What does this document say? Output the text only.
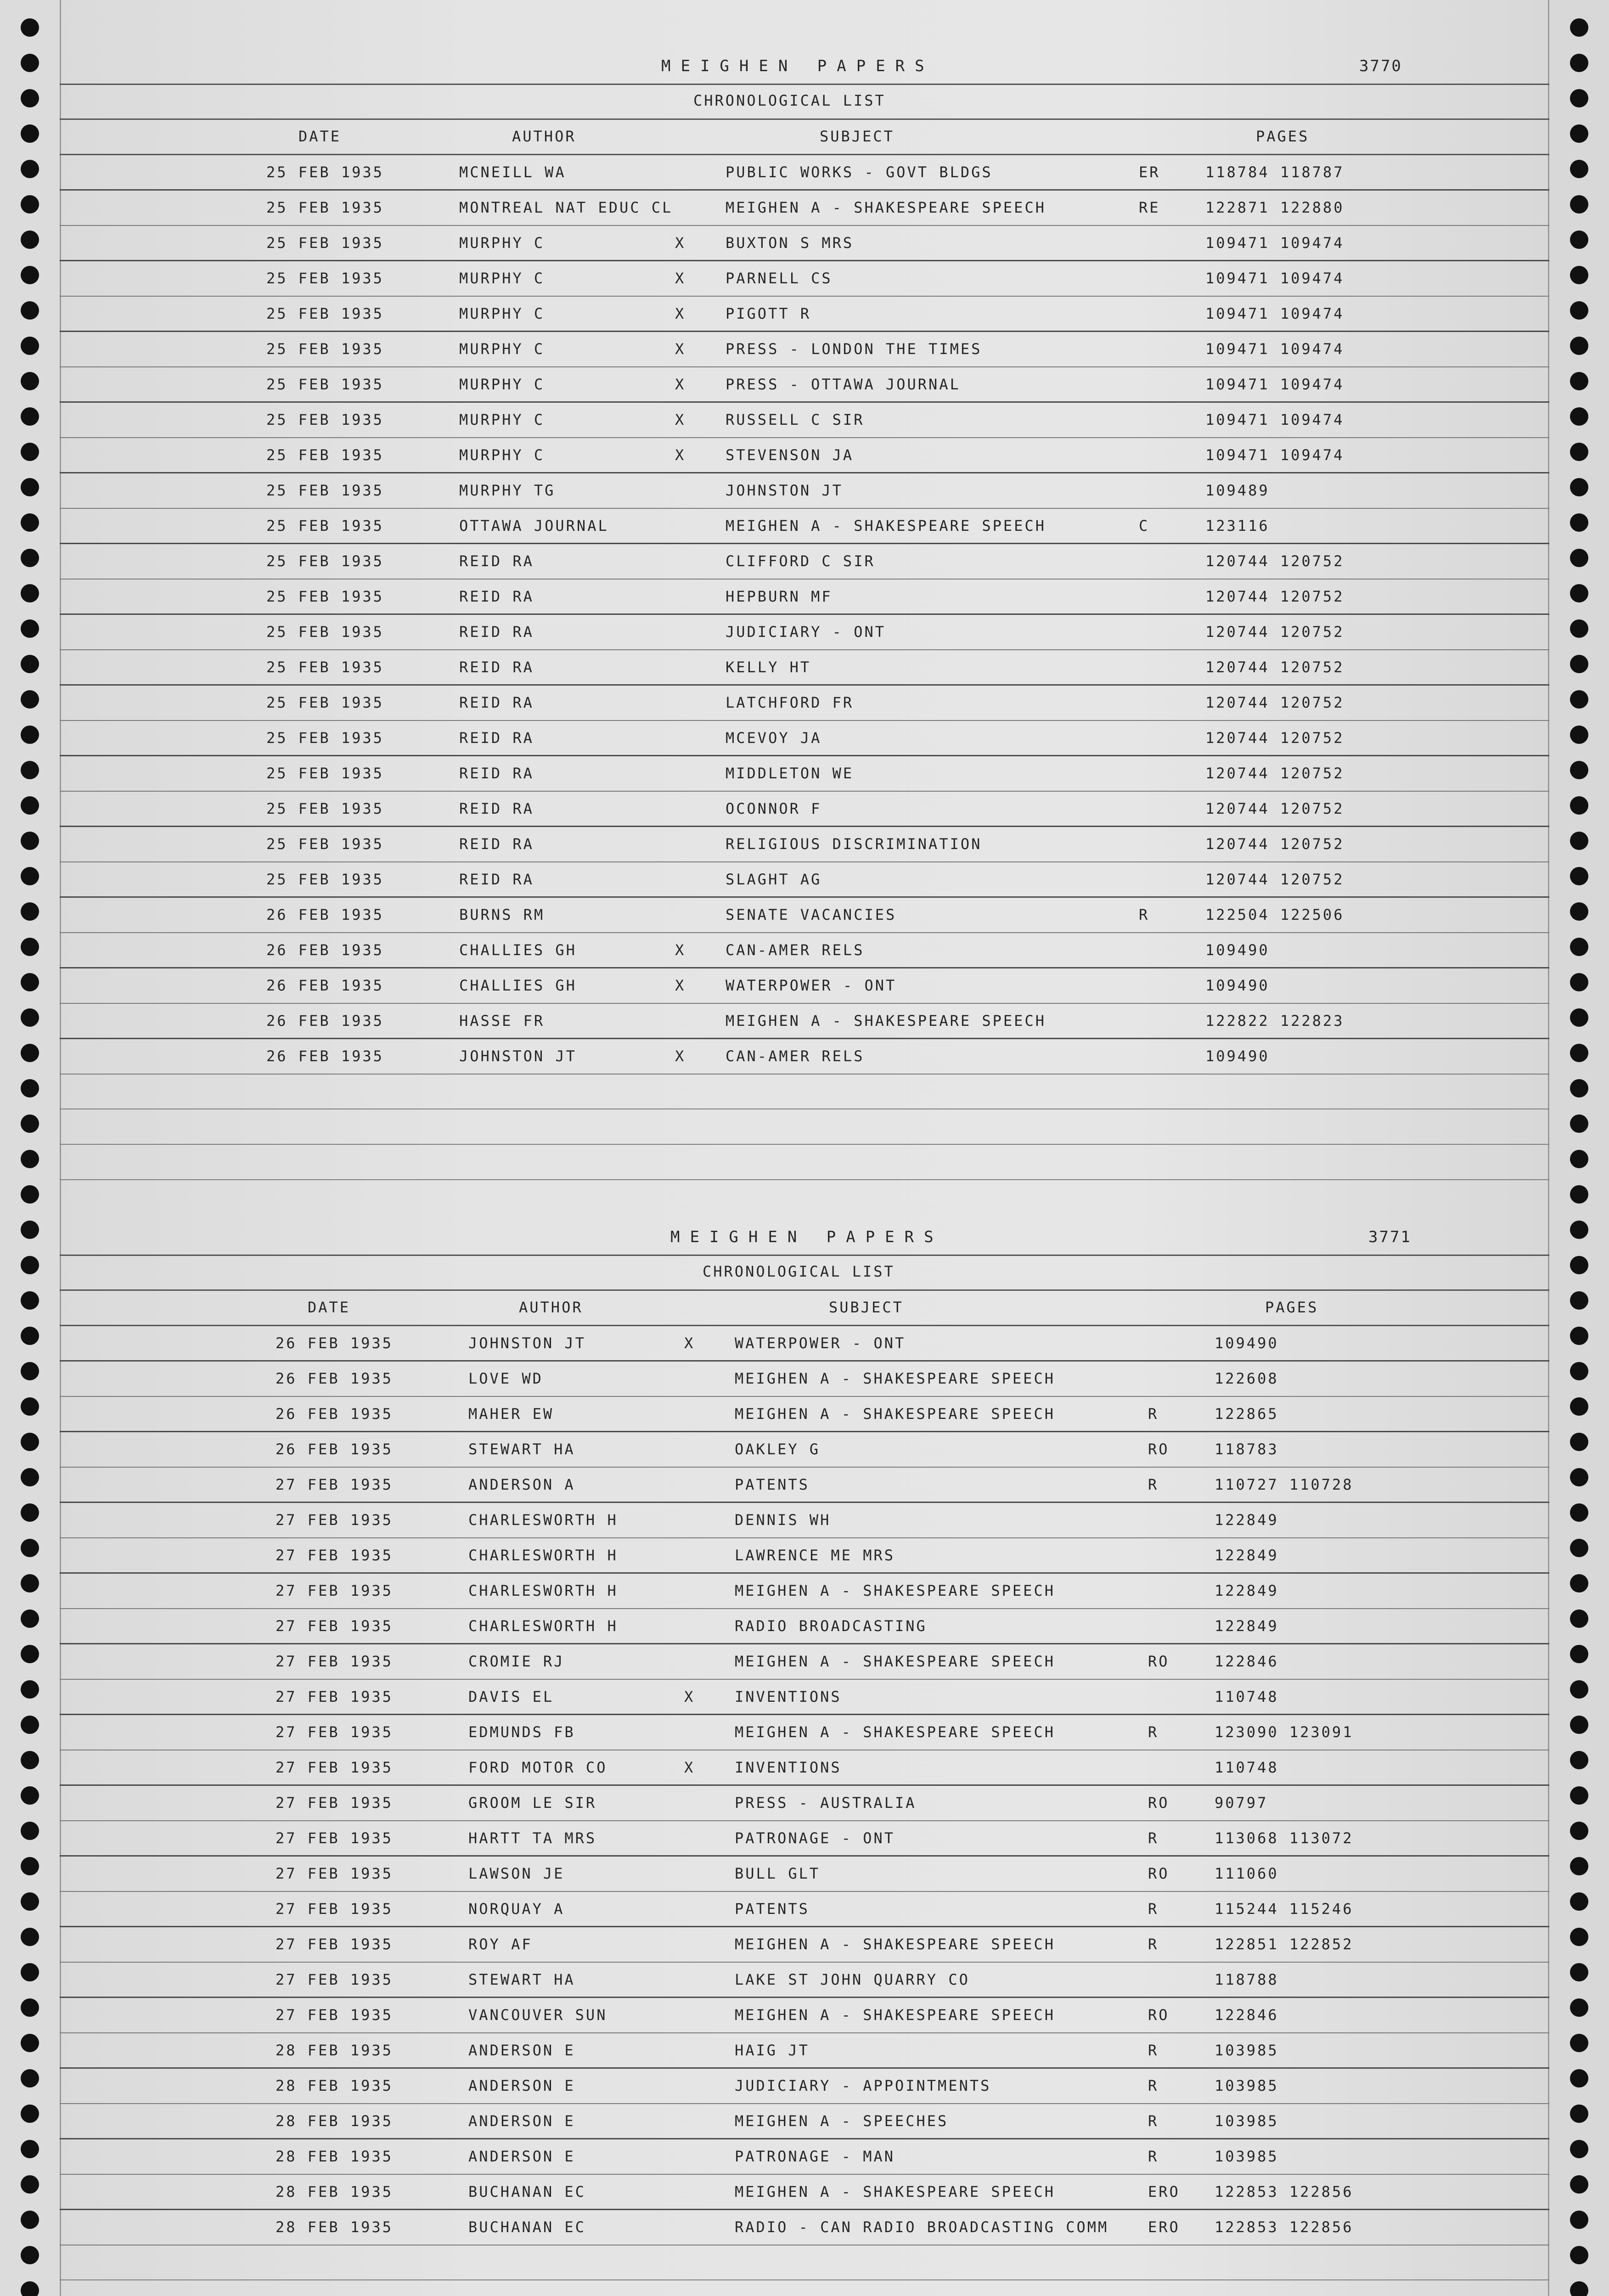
MEIGHEN PAPERS	3770
CHRONOLOGICAL LIST
DATE	AUTHOR	SUBJECT	PAGES
25 FEB 1935	MCNEILL WA	PUBLIC WORKS - GOVT BLDGS	ER	118784 118787
25 FEB 1935	MONTREAL NAT EDUC CL	MEIGHEN A - SHAKESPEARE SPEECH	RE	122871 122880
25 FEB 1935	MURPHY C	X	BUXTON S MRS	109471 109474
25 FEB 1935	MURPHY C	X	PARNELL CS	109471 109474
25 FEB 1935	MURPHY C	X	PIGOTT R	109471 109474
25 FEB 1935	MURPHY C	X	PRESS - LONDON THE TIMES	109471 109474
25 FEB 1935	MURPHY C	X	PRESS - OTTAWA JOURNAL	109471 109474
25 FEB 1935	MURPHY C	X	RUSSELL C SIR	109471 109474
25 FEB 1935	MURPHY C	X	STEVENSON JA	109471 109474
25 FEB 1935	MURPHY TG	JOHNSTON JT	109489
25 FEB 1935	OTTAWA JOURNAL	MEIGHEN A - SHAKESPEARE SPEECH	C	123116
25 FEB 1935	REID RA	CLIFFORD C SIR	120744 120752
25 FEB 1935	REID RA	HEPBURN MF	120744 120752
25 FEB 1935	REID RA	JUDICIARY - ONT	120744 120752
25 FEB 1935	REID RA	KELLY HT	120744 120752
25 FEB 1935	REID RA	LATCHFORD FR	120744 120752
25 FEB 1935	REID RA	MCEVOY JA	120744 120752
25 FEB 1935	REID RA	MIDDLETON WE	120744 120752
25 FEB 1935	REID RA	OCONNOR F	120744 120752
25 FEB 1935	REID RA	RELIGIOUS DISCRIMINATION	120744 120752
25 FEB 1935	REID RA	SLAGHT AG	120744 120752
26 FEB 1935	BURNS RM	SENATE VACANCIES	R	122504 122506
26 FEB 1935	CHALLIES GH	X	CAN-AMER RELS	109490
26 FEB 1935	CHALLIES GH	X	WATERPOWER - ONT	109490
26 FEB 1935	HASSE FR	MEIGHEN A - SHAKESPEARE SPEECH	122822 122823
26 FEB 1935	JOHNSTON JT	X	CAN-AMER RELS	109490
MEIGHEN PAPERS	3771
CHRONOLOGICAL LIST
DATE	AUTHOR	SUBJECT	PAGES
26 FEB 1935	JOHNSTON JT	X	WATERPOWER - ONT	109490
26 FEB 1935	LOVE WD	MEIGHEN A - SHAKESPEARE SPEECH	122608
26 FEB 1935	MAHER EW	MEIGHEN A - SHAKESPEARE SPEECH	R	122865
26 FEB 1935	STEWART HA	OAKLEY G	RO	118783
27 FEB 1935	ANDERSON A	PATENTS	R	110727 110728
27 FEB 1935	CHARLESWORTH H	DENNIS WH	122849
27 FEB 1935	CHARLESWORTH H	LAWRENCE ME MRS	122849
27 FEB 1935	CHARLESWORTH H	MEIGHEN A - SHAKESPEARE SPEECH	122849
27 FEB 1935	CHARLESWORTH H	RADIO BROADCASTING	122849
27 FEB 1935	CROMIE RJ	MEIGHEN A - SHAKESPEARE SPEECH	RO	122846
27 FEB 1935	DAVIS EL	X	INVENTIONS	110748
27 FEB 1935	EDMUNDS FB	MEIGHEN A - SHAKESPEARE SPEECH	R	123090 123091
27 FEB 1935	FORD MOTOR CO	X	INVENTIONS	110748
27 FEB 1935	GROOM LE SIR	PRESS - AUSTRALIA	RO	90797
27 FEB 1935	HARTT TA MRS	PATRONAGE - ONT	R	113068 113072
27 FEB 1935	LAWSON JE	BULL GLT	RO	111060
27 FEB 1935	NORQUAY A	PATENTS	R	115244 115246
27 FEB 1935	ROY AF	MEIGHEN A - SHAKESPEARE SPEECH	R	122851 122852
27 FEB 1935	STEWART HA	LAKE ST JOHN QUARRY CO	118788
27 FEB 1935	VANCOUVER SUN	MEIGHEN A - SHAKESPEARE SPEECH	RO	122846
28 FEB 1935	ANDERSON E	HAIG JT	R	103985
28 FEB 1935	ANDERSON E	JUDICIARY - APPOINTMENTS	R	103985
28 FEB 1935	ANDERSON E	MEIGHEN A - SPEECHES	R	103985
28 FEB 1935	ANDERSON E	PATRONAGE - MAN	R	103985
28 FEB 1935	BUCHANAN EC	MEIGHEN A - SHAKESPEARE SPEECH	ERO 122853 122856
28 FEB 1935	BUCHANAN EC	RADIO - CAN RADIO BROADCASTING COMM	ERO 122853 122856
